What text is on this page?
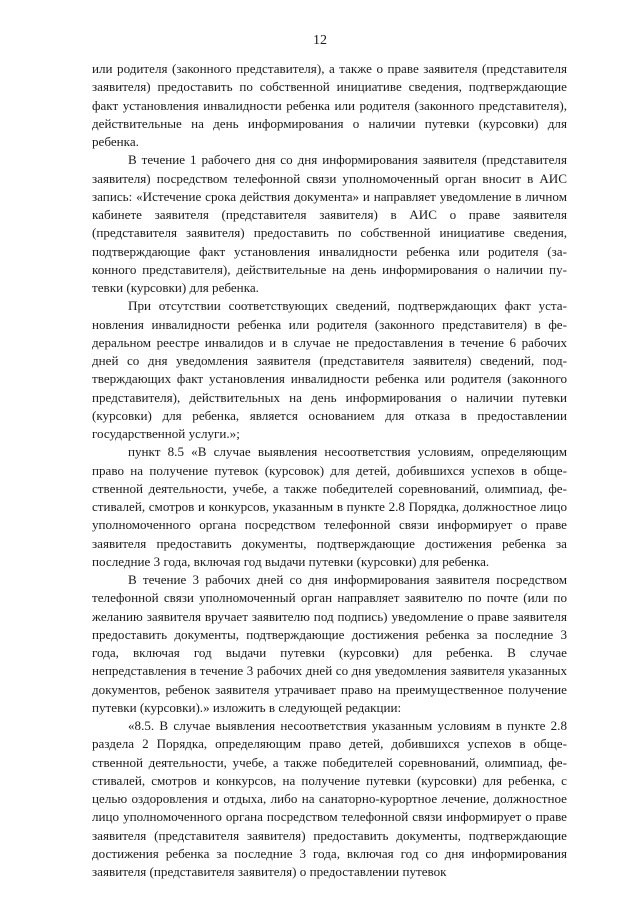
12

или родителя (законного представителя), а также о праве заявителя (представителя заявителя) предоставить по собственной инициативе сведения, подтверждающие факт установления инвалидности ребенка или родителя (законного представителя), действительные на день информирования о наличии путевки (курсовки) для ребенка.

В течение 1 рабочего дня со дня информирования заявителя (представителя заявителя) посредством телефонной связи уполномоченный орган вносит в АИС запись: «Истечение срока действия документа» и направляет уведомление в личном кабинете заявителя (представителя заявителя) в АИС о праве заявителя (представителя заявителя) предоставить по собственной инициативе сведения, подтверждающие факт установления инвалидности ребенка или родителя (законного представителя), действительные на день информирования о наличии путевки (курсовки) для ребенка.

При отсутствии соответствующих сведений, подтверждающих факт установления инвалидности ребенка или родителя (законного представителя) в федеральном реестре инвалидов и в случае не предоставления в течение 6 рабочих дней со дня уведомления заявителя (представителя заявителя) сведений, подтверждающих факт установления инвалидности ребенка или родителя (законного представителя), действительных на день информирования о наличии путевки (курсовки) для ребенка, является основанием для отказа в предоставлении государственной услуги.»;

пункт 8.5 «В случае выявления несоответствия условиям, определяющим право на получение путевок (курсовок) для детей, добившихся успехов в общественной деятельности, учебе, а также победителей соревнований, олимпиад, фестивалей, смотров и конкурсов, указанным в пункте 2.8 Порядка, должностное лицо уполномоченного органа посредством телефонной связи информирует о праве заявителя предоставить документы, подтверждающие достижения ребенка за последние 3 года, включая год выдачи путевки (курсовки) для ребенка.

В течение 3 рабочих дней со дня информирования заявителя посредством телефонной связи уполномоченный орган направляет заявителю по почте (или по желанию заявителя вручает заявителю под подпись) уведомление о праве заявителя предоставить документы, подтверждающие достижения ребенка за последние 3 года, включая год выдачи путевки (курсовки) для ребенка. В случае непредставления в течение 3 рабочих дней со дня уведомления заявителя указанных документов, ребенок заявителя утрачивает право на преимущественное получение путевки (курсовки).» изложить в следующей редакции:

«8.5. В случае выявления несоответствия указанным условиям в пункте 2.8 раздела 2 Порядка, определяющим право детей, добившихся успехов в общественной деятельности, учебе, а также победителей соревнований, олимпиад, фестивалей, смотров и конкурсов, на получение путевки (курсовки) для ребенка, с целью оздоровления и отдыха, либо на санаторно-курортное лечение, должностное лицо уполномоченного органа посредством телефонной связи информирует о праве заявителя (представителя заявителя) предоставить документы, подтверждающие достижения ребенка за последние 3 года, включая год со дня информирования заявителя (представителя заявителя) о предоставлении путевок
